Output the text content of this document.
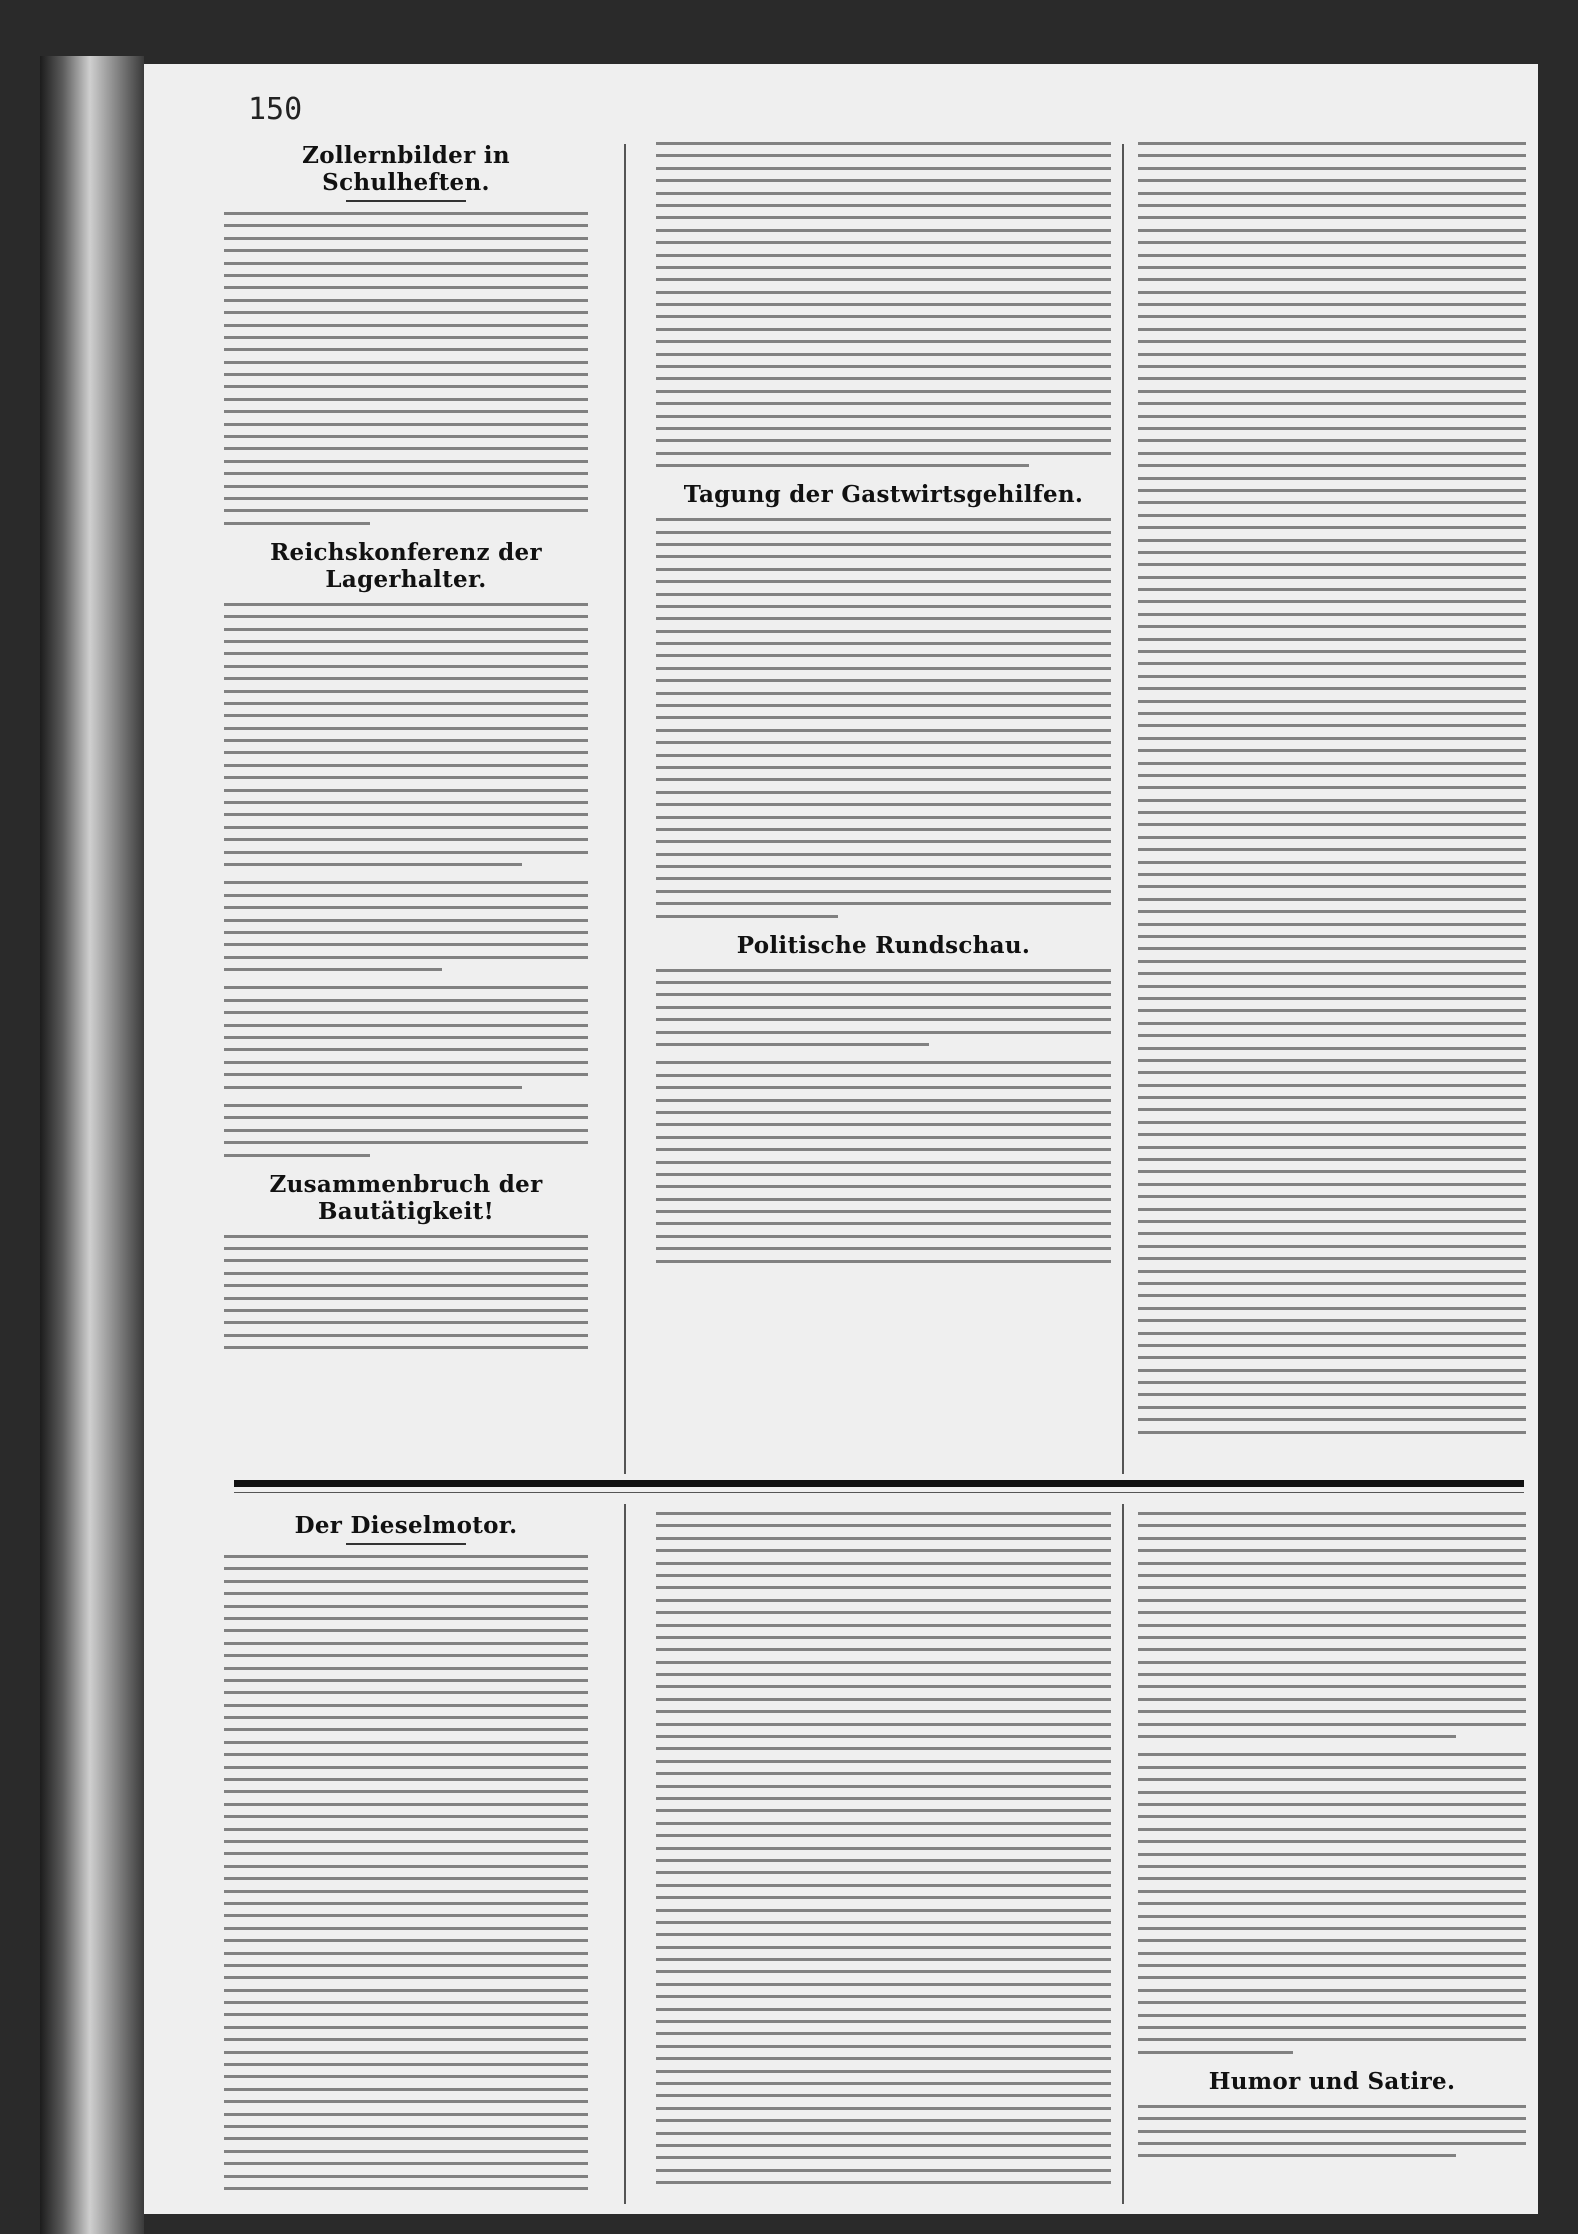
150
Zollernbilder in Schulheften.
Reichskonferenz der Lagerhalter.
Zusammenbruch der Bautätigkeit!
Tagung der Gastwirtsgehilfen.
Politische Rundschau.
Der Dieselmotor.
Humor und Satire.
